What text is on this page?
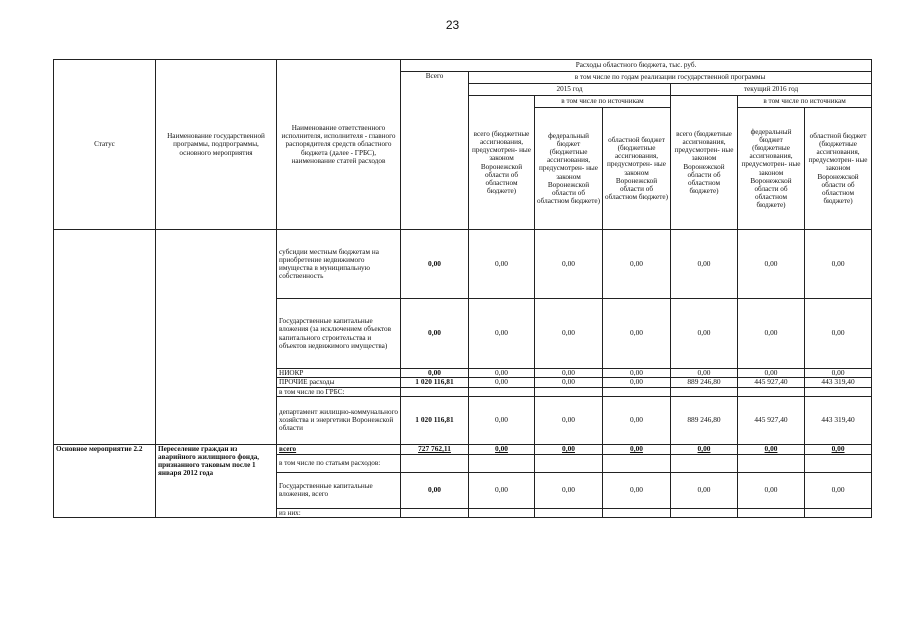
23
Статус	Наименование государственной программы, подпрограммы, основного мероприятия	Наименование ответственного исполнителя, исполнителя - главного распорядителя средств областного бюджета (далее - ГРБС), наименование статей расходов	Расходы областного бюджета, тыс. руб.						
			Всего	в том числе по годам реализации государственной программы					
				2015 год			текущий 2016 год		
				всего (бюджетные ассигнования, предусмотрен- ные законом Воронежской области об областном бюджете)	в том числе по источникам		всего (бюджетные ассигнования, предусмотрен- ные законом Воронежской области об областном бюджете)	в том числе по источникам	
					федеральный бюджет (бюджетные ассигнования, предусмотрен- ные законом Воронежской области об областном бюджете)	областной бюджет (бюджетные ассигнования, предусмотрен- ные законом Воронежской области об областном бюджете)		федеральный бюджет (бюджетные ассигнования, предусмотрен- ные законом Воронежской области об областном бюджете)	областной бюджет (бюджетные ассигнования, предусмотрен- ные законом Воронежской области об областном бюджете)
		субсидии местным бюджетам на приобретение недвижимого имущества в муниципальную собственность	0,00	0,00	0,00	0,00	0,00	0,00	0,00
		Государственные капитальные вложения (за исключением объектов капитального строительства и объектов недвижимого имущества)	0,00	0,00	0,00	0,00	0,00	0,00	0,00
		НИОКР	0,00	0,00	0,00	0,00	0,00	0,00	0,00
		ПРОЧИЕ расходы	1 020 116,81	0,00	0,00	0,00	889 246,80	445 927,40	443 319,40
		в том числе по ГРБС:							
		департамент жилищно-коммунального хозяйства и энергетики Воронежской области	1 020 116,81	0,00	0,00	0,00	889 246,80	445 927,40	443 319,40
Основное мероприятие 2.2	Переселение граждан из аварийного жилищного фонда, признанного таковым после 1 января 2012 года	всего	727 762,11	0,00	0,00	0,00	0,00	0,00	0,00
		в том числе по статьям расходов:							
		Государственные капитальные вложения, всего	0,00	0,00	0,00	0,00	0,00	0,00	0,00
		из них:							
